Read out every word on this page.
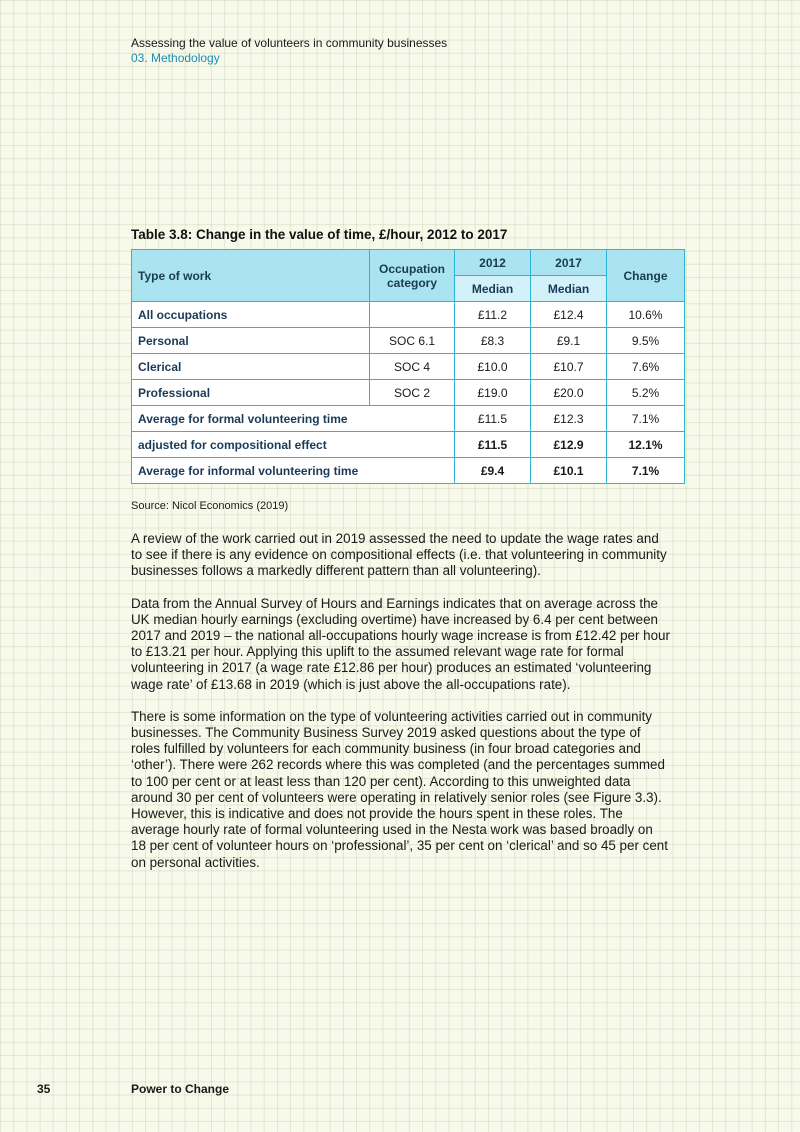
Assessing the value of volunteers in community businesses
03. Methodology
Table 3.8: Change in the value of time, £/hour, 2012 to 2017
Type of work	Occupation category	2012	2017	Change
		Median	Median	
All occupations		£11.2	£12.4	10.6%
Personal	SOC 6.1	£8.3	£9.1	9.5%
Clerical	SOC 4	£10.0	£10.7	7.6%
Professional	SOC 2	£19.0	£20.0	5.2%
Average for formal volunteering time		£11.5	£12.3	7.1%
adjusted for compositional effect		£11.5	£12.9	12.1%
Average for informal volunteering time		£9.4	£10.1	7.1%
Source: Nicol Economics (2019)

A review of the work carried out in 2019 assessed the need to update the wage rates and to see if there is any evidence on compositional effects (i.e. that volunteering in community businesses follows a markedly different pattern than all volunteering).

Data from the Annual Survey of Hours and Earnings indicates that on average across the UK median hourly earnings (excluding overtime) have increased by 6.4 per cent between 2017 and 2019 – the national all-occupations hourly wage increase is from £12.42 per hour to £13.21 per hour. Applying this uplift to the assumed relevant wage rate for formal volunteering in 2017 (a wage rate £12.86 per hour) produces an estimated ‘volunteering wage rate’ of £13.68 in 2019 (which is just above the all-occupations rate).

There is some information on the type of volunteering activities carried out in community businesses. The Community Business Survey 2019 asked questions about the type of roles fulfilled by volunteers for each community business (in four broad categories and ‘other’). There were 262 records where this was completed (and the percentages summed to 100 per cent or at least less than 120 per cent). According to this unweighted data around 30 per cent of volunteers were operating in relatively senior roles (see Figure 3.3). However, this is indicative and does not provide the hours spent in these roles. The average hourly rate of formal volunteering used in the Nesta work was based broadly on 18 per cent of volunteer hours on ‘professional’, 35 per cent on ‘clerical’ and so 45 per cent on personal activities.

35	Power to Change
